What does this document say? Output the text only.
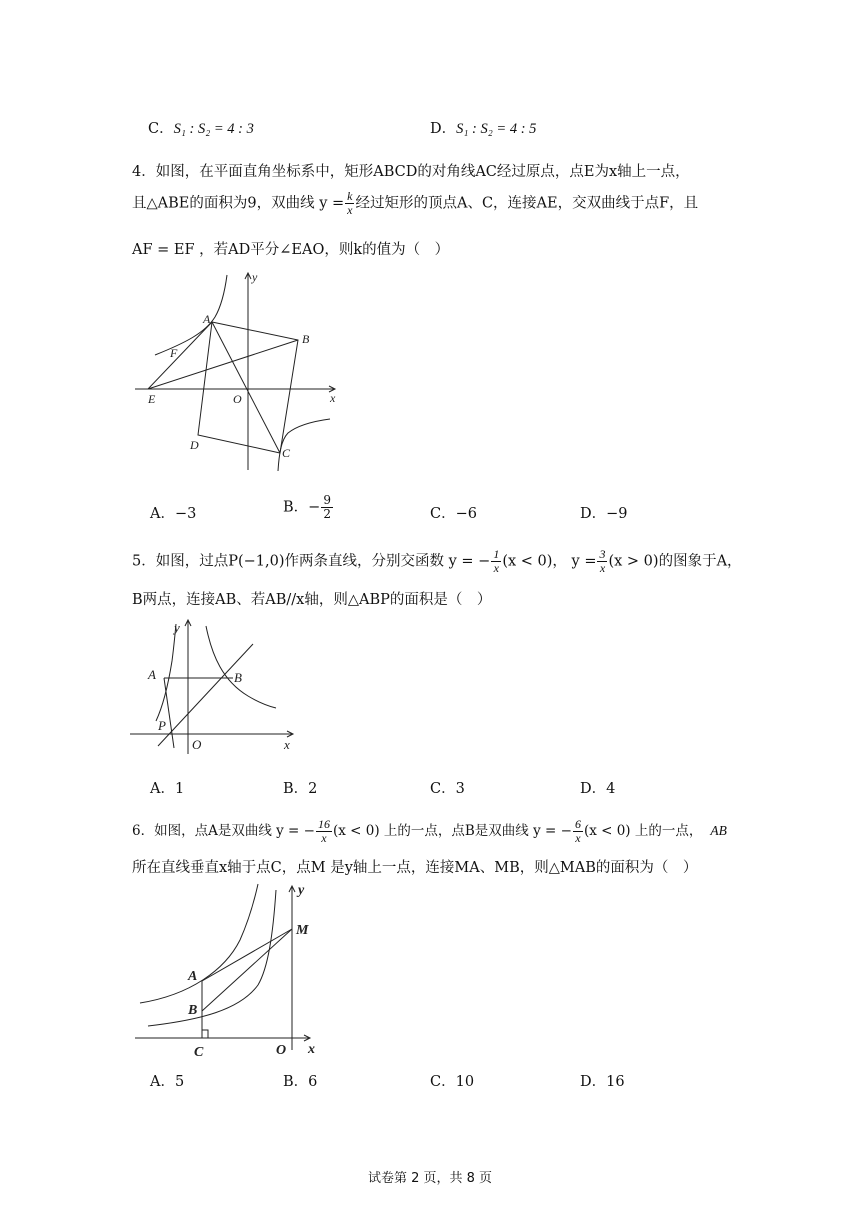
C．S₁ : S₂ = 4 : 3	D．S₁ : S₂ = 4 : 5
4．如图，在平面直角坐标系中，矩形ABCD的对角线AC经过原点，点E为x轴上一点，
且△ABE的面积为9，双曲线 $y = \frac{k}{x}$ 经过矩形的顶点A、C，连接AE，交双曲线于点F，且
AF = EF ，若AD平分∠EAO，则k的值为（　）
A
B
C
D
E
F
O	x
y
A．−3	B．− $\frac{9}{2}$	C．−6	D．−9
5．如图，过点P(−1,0)作两条直线，分别交函数 y = − $\frac{1}{x} (x < 0)$， $y = \frac{3}{x} (x > 0)$的图象于A，
B两点，连接AB、若AB//x轴，则△ABP的面积是（　）
A	B
P
O	x
y
A．1	B．2	C．3	D．4
6．如图，点A是双曲线 y = − $\frac{16}{x} (x < 0)$ 上的一点，点B是双曲线 y = − $\frac{6}{x} (x < 0)$ 上的一点， AB
所在直线垂直x轴于点C，点M 是y轴上一点，连接MA、MB，则△MAB的面积为（　）
A
B
C
M
O x
y
A．5	B．6	C．10	D．16
试卷第 2 页，共 8 页
